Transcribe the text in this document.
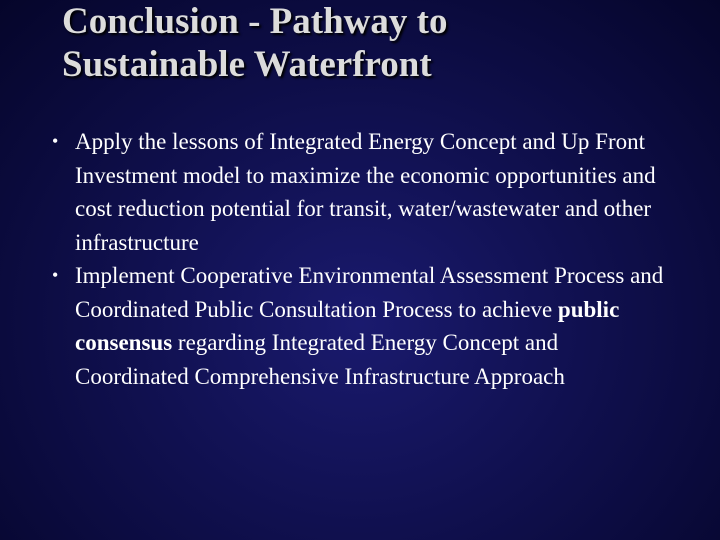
Conclusion - Pathway to
Sustainable Waterfront
• Apply the lessons of Integrated Energy Concept and Up Front Investment model to maximize the economic opportunities and cost reduction potential for transit, water/wastewater and other infrastructure
• Implement Cooperative Environmental Assessment Process and Coordinated Public Consultation Process to achieve public consensus regarding Integrated Energy Concept and Coordinated Comprehensive Infrastructure Approach
